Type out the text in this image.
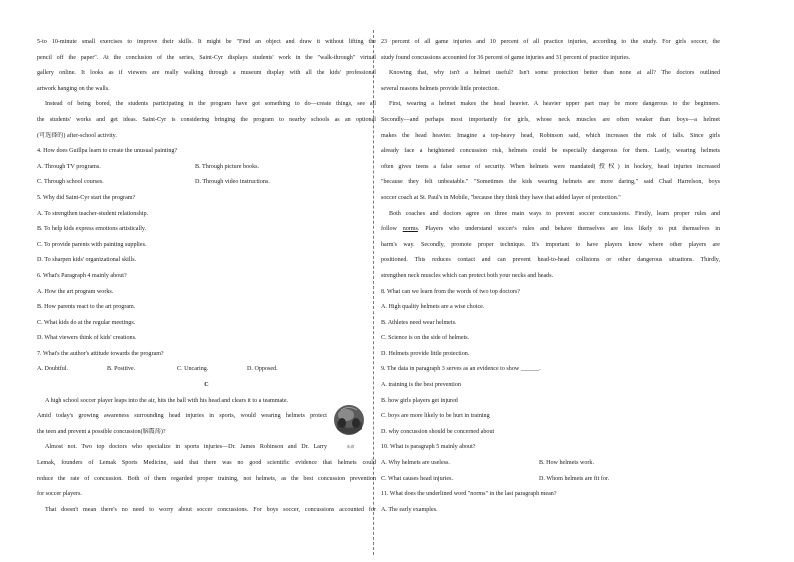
5-to 10-minute small exercises to improve their skills. It might be "Find an object and draw it without lifting the
pencil off the paper". At the conclusion of the series, Saint-Cyr displays students' work in the "walk-through" virtual
gallery online. It looks as if viewers are really walking through a museum display with all the kids' professional
artwork hanging on the walls.
Instead of being bored, the students participating in the program have got something to do—create things, see all
the students' works and get ideas. Saint-Cyr is considering bringing the program to nearby schools as an optional
(可选择的) after-school activity.
4. How does Guillpa learn to create the unusual painting?
A. Through TV programs.	B. Through picture books.
C. Through school courses.	D. Through video instructions.
5. Why did Saint-Cyr start the program?
A. To strengthen teacher-student relationship.
B. To help kids express emotions artistically.
C. To provide parents with painting supplies.
D. To sharpen kids' organizational skills.
6. What's Paragraph 4 mainly about?
A. How the art program works.
B. How parents react to the art program.
C. What kids do at the regular meetings.
D. What viewers think of kids' creations.
7. What's the author's attitude towards the program?
A. Doubtful.	B. Positive.	C. Uncaring.	D. Opposed.
C
A high school soccer player leaps into the air, hits the ball with his head and clears it to a teammate.
Amid today's growing awareness surrounding head injuries in sports, would wearing helmets protect
the teen and prevent a possible concussion(脑震荡)?
Almost not. Two top doctors who specialize in sports injuries—Dr. James Robinson and Dr. Larry
Lemak, founders of Lemak Sports Medicine, said that there was no good scientific evidence that helmets could
reduce the rate of concussion. Both of them regarded proper training, not helmets, as the best concussion prevention
for soccer players.
That doesn't mean there's no need to worry about soccer concussions. For boys soccer, concussions accounted for
头盔
23 percent of all game injuries and 10 percent of all practice injuries, according to the study. For girls soccer, the
study found concussions accounted for 36 percent of game injuries and 31 percent of practice injuries.
Knowing that, why isn't a helmet useful? Isn't some protection better than none at all? The doctors outlined
several reasons helmets provide little protection.
First, wearing a helmet makes the head heavier. A heavier upper part may be more dangerous to the beginners.
Secondly—and perhaps most importantly for girls, whose neck muscles are often weaker than boys—a helmet
makes the head heavier. Imagine a top-heavy head, Robinson said, which increases the risk of falls. Since girls
already face a heightened concussion risk, helmets could be especially dangerous for them. Lastly, wearing helmets
often gives teens a false sense of security. When helmets were mandated(授权) in hockey, head injuries increased
"because they felt unbeatable." "Sometimes the kids wearing helmets are more daring," said Chad Harrelson, boys
soccer coach at St. Paul's in Mobile, "because they think they have that added layer of protection."
Both coaches and doctors agree on three main ways to prevent soccer concussions. Firstly, learn proper rules and
follow norms. Players who understand soccer's rules and behave themselves are less likely to put themselves in
harm's way. Secondly, promote proper technique. It's important to have players know where other players are
positioned. This reduces contact and can prevent head-to-head collisions or other dangerous situations. Thirdly,
strengthen neck muscles which can protect both your necks and heads.
8. What can we learn from the words of two top doctors?
A. High quality helmets are a wise choice.
B. Athletes need wear helmets.
C. Science is on the side of helmets.
D. Helmets provide little protection.
9. The data in paragraph 3 serves as an evidence to show ______.
A. training is the best prevention
B. how girls players get injured
C. boys are more likely to be hurt in training
D. why concussion should be concerned about
10. What is paragraph 5 mainly about?
A. Why helmets are useless.	B. How helmets work.
C. What causes head injuries.	D. Whom helmets are fit for.
11. What does the underlined word "norms" in the last paragraph mean?
A. The early examples.
